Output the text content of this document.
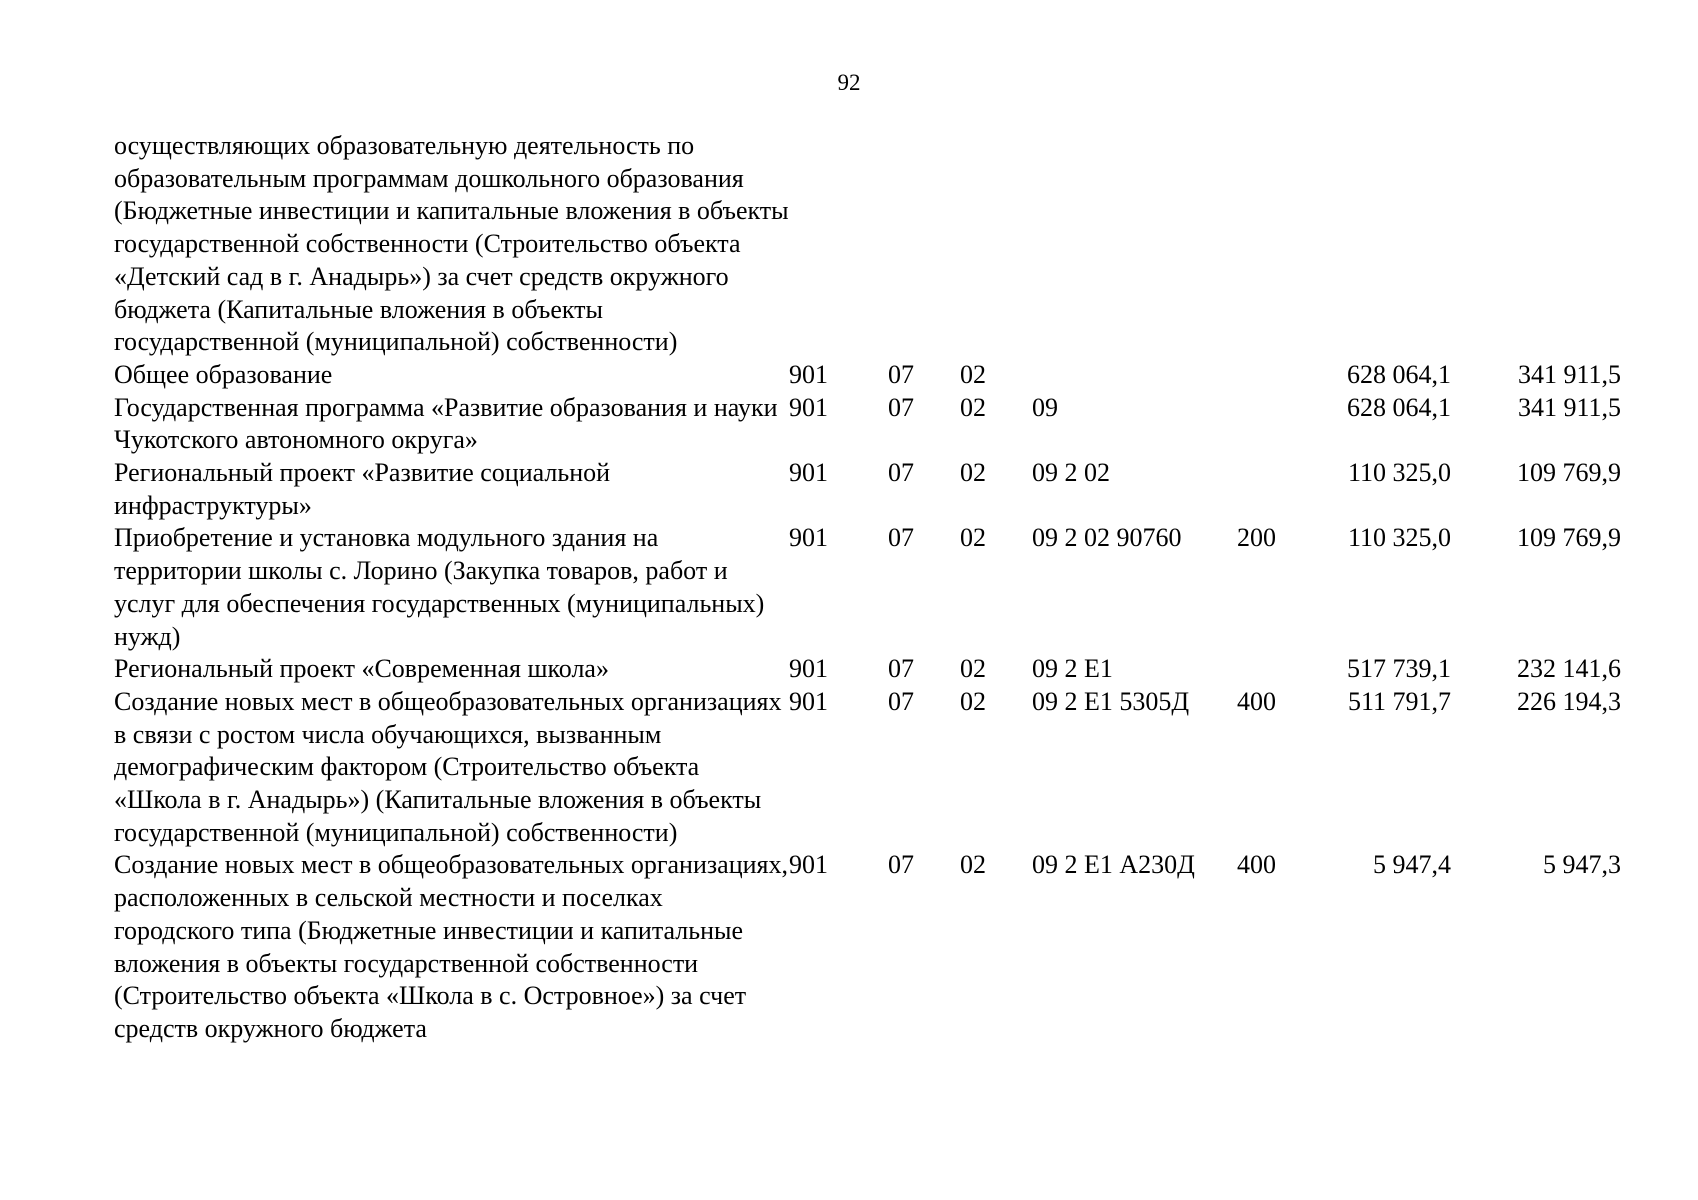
92
осуществляющих образовательную деятельность по образовательным программам дошкольного образования (Бюджетные инвестиции и капитальные вложения в объекты государственной собственности (Строительство объекта «Детский сад в г. Анадырь») за счет средств окружного бюджета (Капитальные вложения в объекты государственной (муниципальной) собственности)							
Общее образование	901	07	02			628 064,1	341 911,5
Государственная программа «Развитие образования и науки Чукотского автономного округа»	901	07	02	09		628 064,1	341 911,5
Региональный проект «Развитие социальной инфраструктуры»	901	07	02	09 2 02		110 325,0	109 769,9
Приобретение и установка модульного здания на территории школы с. Лорино (Закупка товаров, работ и услуг для обеспечения государственных (муниципальных) нужд)	901	07	02	09 2 02 90760	200	110 325,0	109 769,9
Региональный проект «Современная школа»	901	07	02	09 2 Е1		517 739,1	232 141,6
Создание новых мест в общеобразовательных организациях в связи с ростом числа обучающихся, вызванным демографическим фактором (Строительство объекта «Школа в г. Анадырь») (Капитальные вложения в объекты государственной (муниципальной) собственности)	901	07	02	09 2 Е1 5305Д	400	511 791,7	226 194,3
Создание новых мест в общеобразовательных организациях, расположенных в сельской местности и поселках городского типа (Бюджетные инвестиции и капитальные вложения в объекты государственной собственности (Строительство объекта «Школа в с. Островное») за счет средств окружного бюджета	901	07	02	09 2 Е1 А230Д	400	5 947,4	5 947,3
